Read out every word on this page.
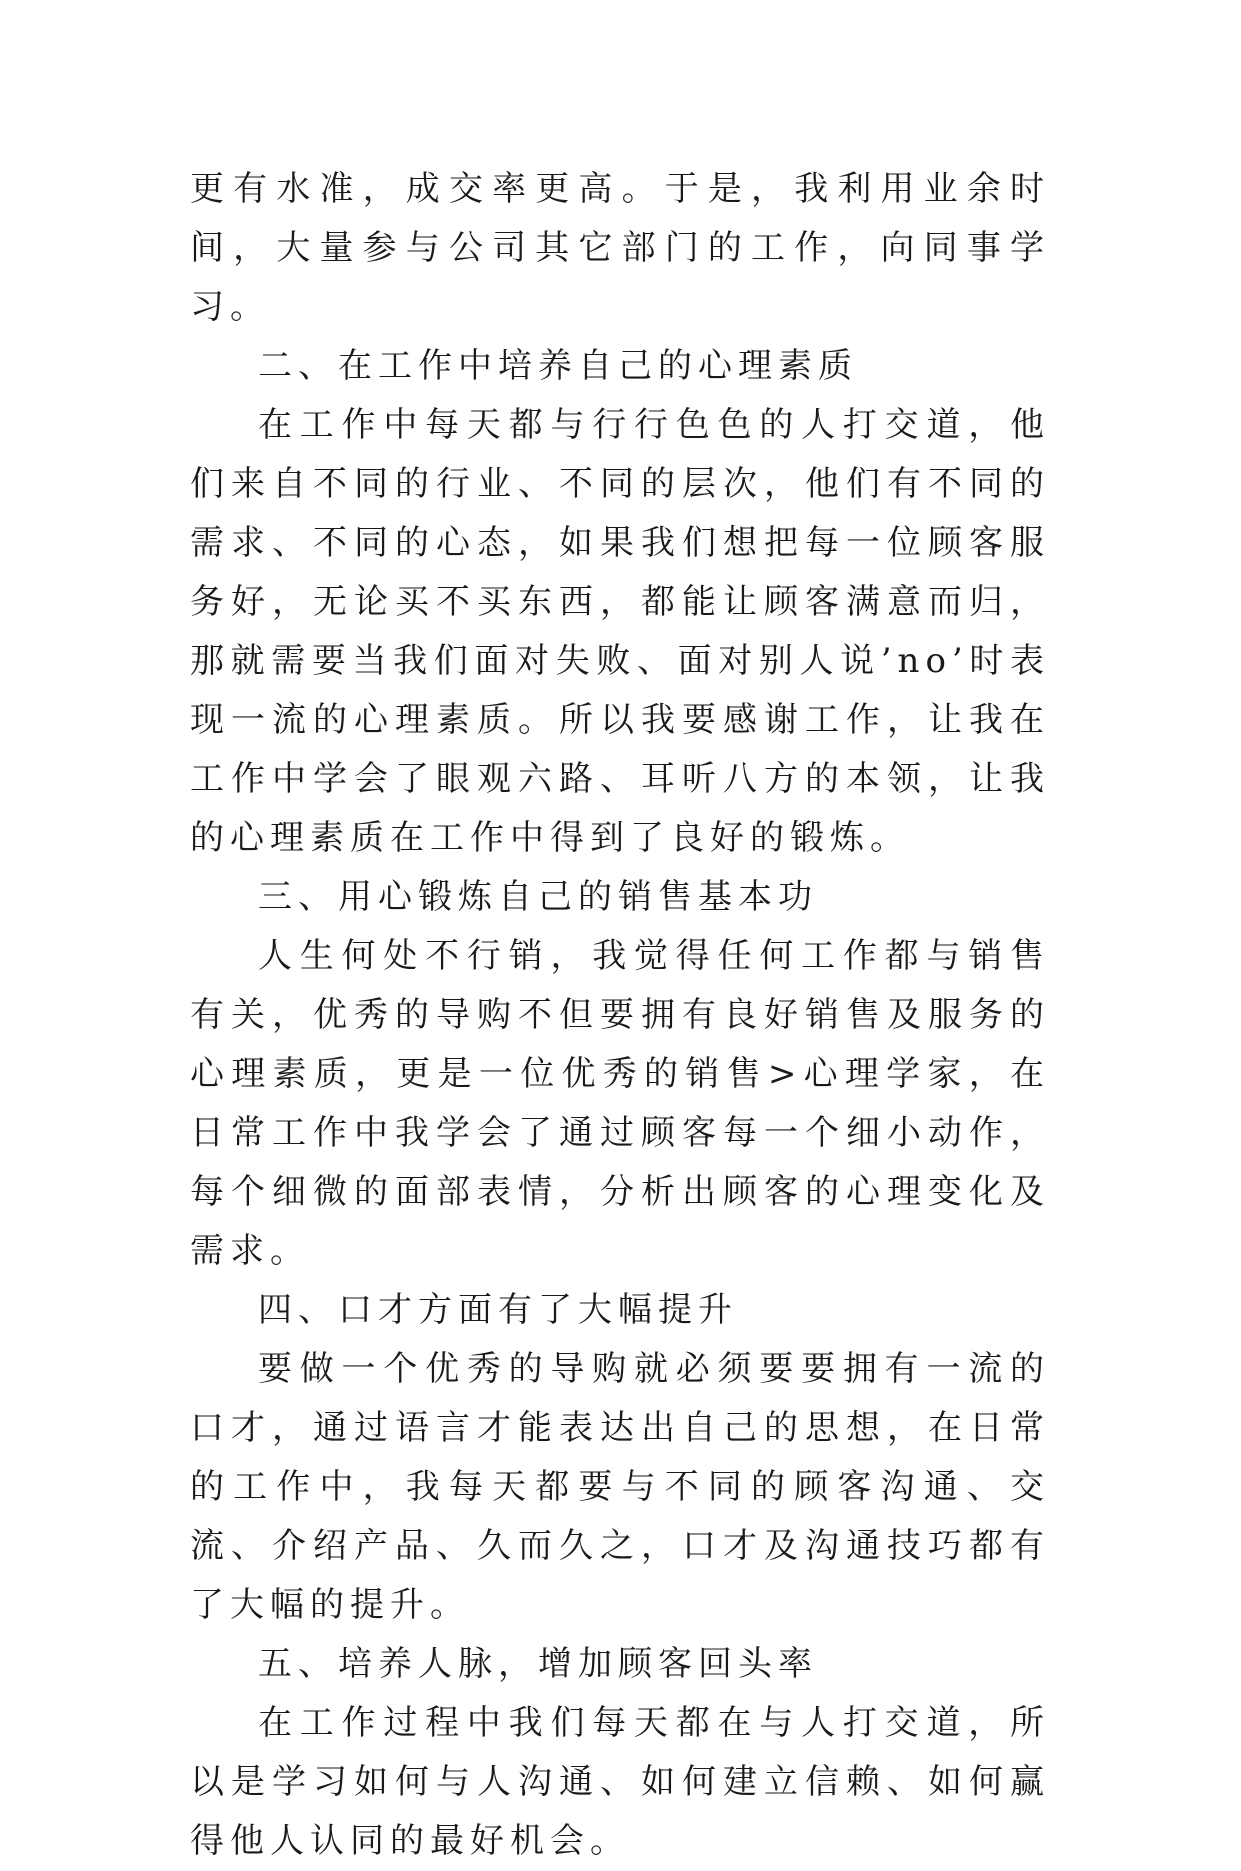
更有水准，成交率更高。于是，我利用业余时间，大量参与公司其它部门的工作，向同事学习。

二、在工作中培养自己的心理素质

在工作中每天都与行行色色的人打交道，他们来自不同的行业、不同的层次，他们有不同的需求、不同的心态，如果我们想把每一位顾客服务好，无论买不买东西，都能让顾客满意而归，那就需要当我们面对失败、面对别人说’no’时表现一流的心理素质。所以我要感谢工作，让我在工作中学会了眼观六路、耳听八方的本领，让我的心理素质在工作中得到了良好的锻炼。

三、用心锻炼自己的销售基本功

人生何处不行销，我觉得任何工作都与销售有关，优秀的导购不但要拥有良好销售及服务的心理素质，更是一位优秀的销售>心理学家，在日常工作中我学会了通过顾客每一个细小动作，每个细微的面部表情，分析出顾客的心理变化及需求。

四、口才方面有了大幅提升

要做一个优秀的导购就必须要要拥有一流的口才，通过语言才能表达出自己的思想，在日常的工作中，我每天都要与不同的顾客沟通、交流、介绍产品、久而久之，口才及沟通技巧都有了大幅的提升。

五、培养人脉，增加顾客回头率

在工作过程中我们每天都在与人打交道，所以是学习如何与人沟通、如何建立信赖、如何赢得他人认同的最好机会。
